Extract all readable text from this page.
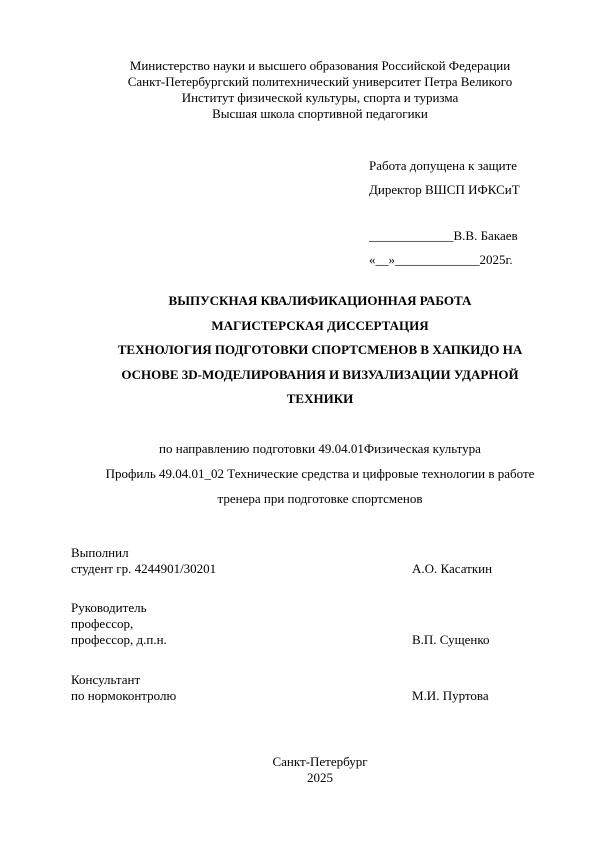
Министерство науки и высшего образования Российской Федерации
Санкт-Петербургский политехнический университет Петра Великого
Институт физической культуры, спорта и туризма
Высшая школа спортивной педагогики
Работа допущена к защите
Директор ВШСП ИФКСиТ
_____________В.В. Бакаев
«__»_____________2025г.
ВЫПУСКНАЯ КВАЛИФИКАЦИОННАЯ РАБОТА
МАГИСТЕРСКАЯ ДИССЕРТАЦИЯ
ТЕХНОЛОГИЯ ПОДГОТОВКИ СПОРТСМЕНОВ В ХАПКИДО НА
ОСНОВЕ 3D-МОДЕЛИРОВАНИЯ И ВИЗУАЛИЗАЦИИ УДАРНОЙ
ТЕХНИКИ
по направлению подготовки 49.04.01Физическая культура
Профиль 49.04.01_02 Технические средства и цифровые технологии в работе
тренера при подготовке спортсменов
Выполнил
студент гр. 4244901/30201	А.О. Касаткин
Руководитель
профессор,
профессор, д.п.н.	В.П. Сущенко
Консультант
по нормоконтролю	М.И. Пуртова
Санкт-Петербург
2025
